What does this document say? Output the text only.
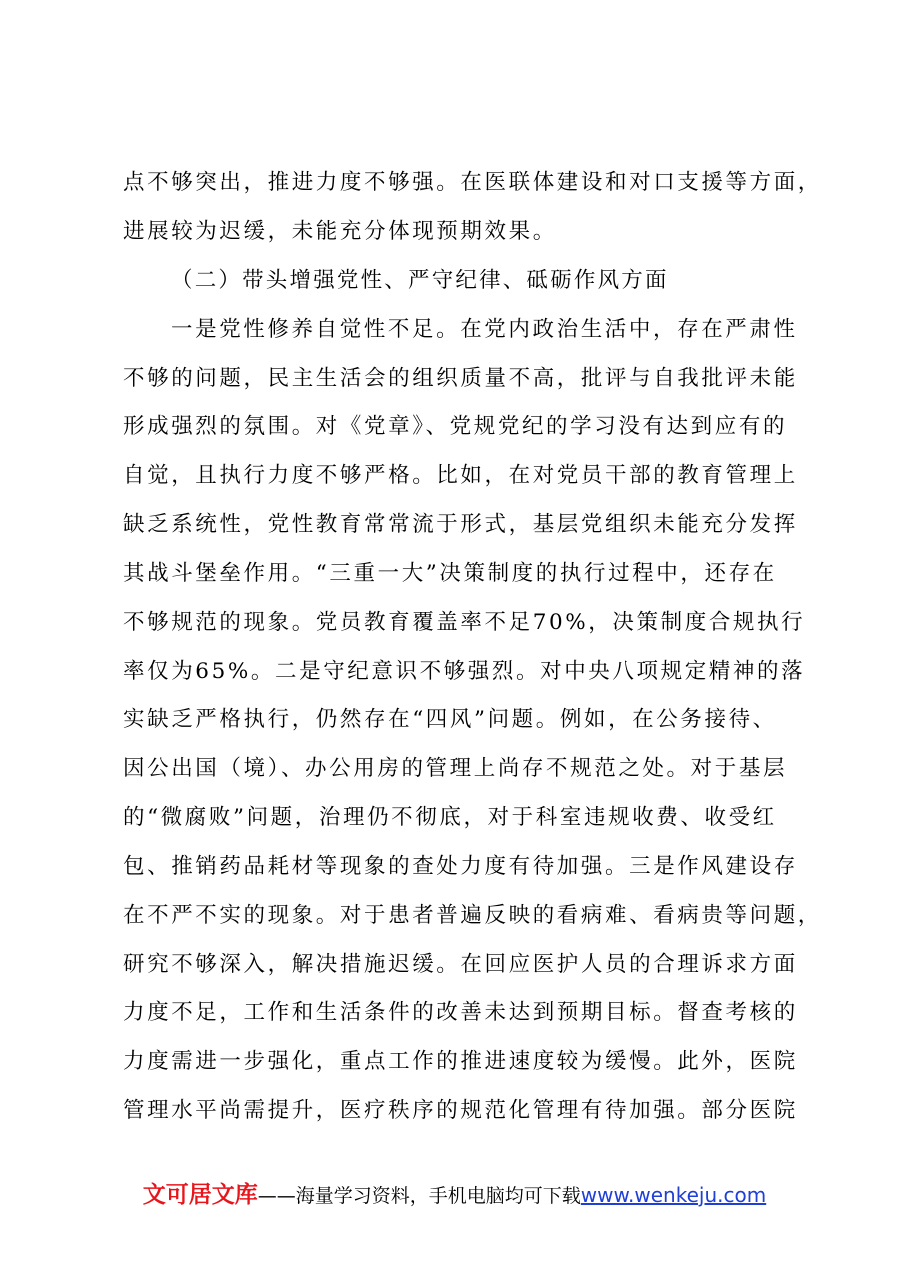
点不够突出，推进力度不够强。在医联体建设和对口支援等方面，
进展较为迟缓，未能充分体现预期效果。
（二）带头增强党性、严守纪律、砥砺作风方面
一是党性修养自觉性不足。在党内政治生活中，存在严肃性
不够的问题，民主生活会的组织质量不高，批评与自我批评未能
形成强烈的氛围。对《党章》、党规党纪的学习没有达到应有的
自觉，且执行力度不够严格。比如，在对党员干部的教育管理上
缺乏系统性，党性教育常常流于形式，基层党组织未能充分发挥
其战斗堡垒作用。“三重一大”决策制度的执行过程中，还存在
不够规范的现象。党员教育覆盖率不足70%，决策制度合规执行
率仅为65%。二是守纪意识不够强烈。对中央八项规定精神的落
实缺乏严格执行，仍然存在“四风”问题。例如，在公务接待、
因公出国（境）、办公用房的管理上尚存不规范之处。对于基层
的“微腐败”问题，治理仍不彻底，对于科室违规收费、收受红
包、推销药品耗材等现象的查处力度有待加强。三是作风建设存
在不严不实的现象。对于患者普遍反映的看病难、看病贵等问题，
研究不够深入，解决措施迟缓。在回应医护人员的合理诉求方面
力度不足，工作和生活条件的改善未达到预期目标。督查考核的
力度需进一步强化，重点工作的推进速度较为缓慢。此外，医院
管理水平尚需提升，医疗秩序的规范化管理有待加强。部分医院
文可居文库——海量学习资料，手机电脑均可下载www.wenkeju.com
